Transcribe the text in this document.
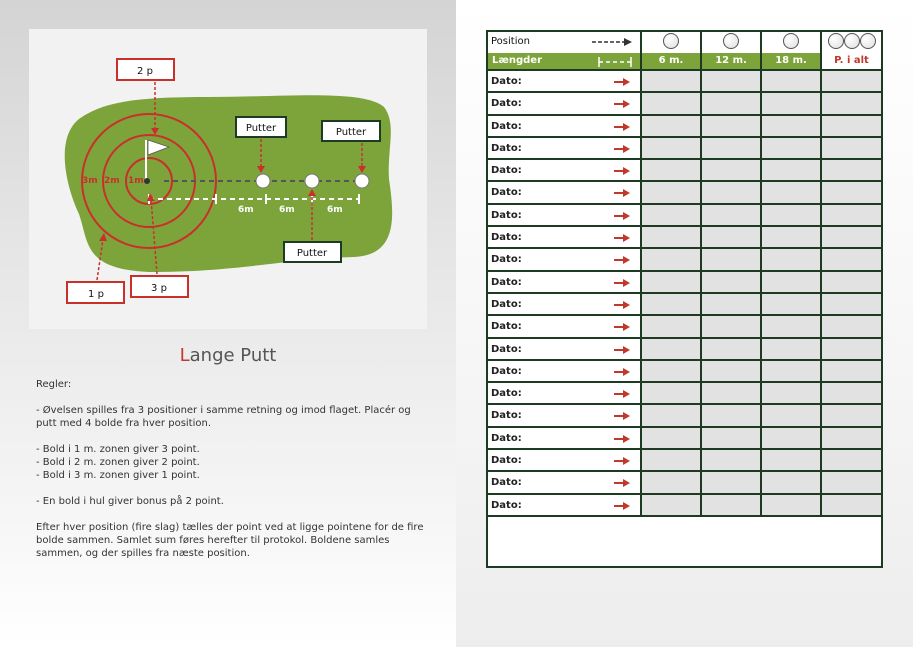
3m 2m 1m
6m	6m	6m
Putter	Putter
Putter
2 p
1 p
3 p
Lange Putt

Regler:

- Øvelsen spilles fra 3 positioner i samme retning og imod flaget. Placér og putt med 4 bolde fra hver position.

- Bold i 1 m. zonen giver 3 point.

- Bold i 2 m. zonen giver 2 point.

- Bold i 3 m. zonen giver 1 point.

- En bold i hul giver bonus på 2 point.

Efter hver position (fire slag) tælles der point ved at ligge pointene for de fire bolde sammen. Samlet sum føres herefter til protokol. Boldene samles sammen, og der spilles fra næste position.

Position
Længder	6 m.	12 m.	18 m.	P. i alt
Dato:
Dato:
Dato:
Dato:
Dato:
Dato:
Dato:
Dato:
Dato:
Dato:
Dato:
Dato:
Dato:
Dato:
Dato:
Dato:
Dato:
Dato:
Dato:
Dato:
